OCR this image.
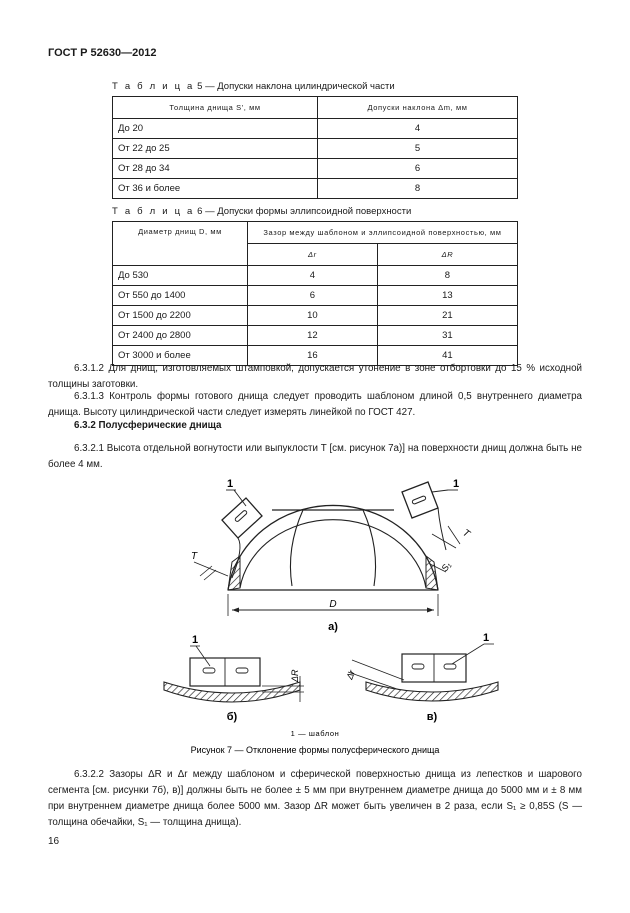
ГОСТ Р 52630—2012
Т а б л и ц а 5 — Допуски наклона цилиндрической части
Толщина днища S', мм	Допуски наклона Δm, мм
До 20	4
От 22 до 25	5
От 28 до 34	6
От 36 и более	8
Т а б л и ц а 6 — Допуски формы эллипсоидной поверхности
Диаметр днищ D, мм	Зазор между шаблоном и эллипсоидной поверхностью, мм	
	Δr	ΔR
До 530	4	8
От 550 до 1400	6	13
От 1500 до 2200	10	21
От 2400 до 2800	12	31
От 3000 и более	16	41

6.3.1.2 Для днищ, изготовляемых штамповкой, допускается утонение в зоне отбортовки до 15 % исходной толщины заготовки.

6.3.1.3 Контроль формы готового днища следует проводить шаблоном длиной 0,5 внутреннего диаметра днища. Высоту цилиндрической части следует измерять линейкой по ГОСТ 427.

6.3.2 Полусферические днища

6.3.2.1 Высота отдельной вогнутости или выпуклости T [см. рисунок 7а)] на поверхности днищ должна быть не более 4 мм.

1	1
T
T
S₁
D
а)
1
ΔR
б)
1
Δr
в)
1 — шаблон
Рисунок 7 — Отклонение формы полусферического днища

6.3.2.2 Зазоры ΔR и Δr между шаблоном и сферической поверхностью днища из лепестков и шарового сегмента [см. рисунки 7б), в)] должны быть не более ± 5 мм при внутреннем диаметре днища до 5000 мм и ± 8 мм при внутреннем диаметре днища более 5000 мм. Зазор ΔR может быть увеличен в 2 раза, если S₁ ≥ 0,85S (S — толщина обечайки, S₁ — толщина днища).

16
